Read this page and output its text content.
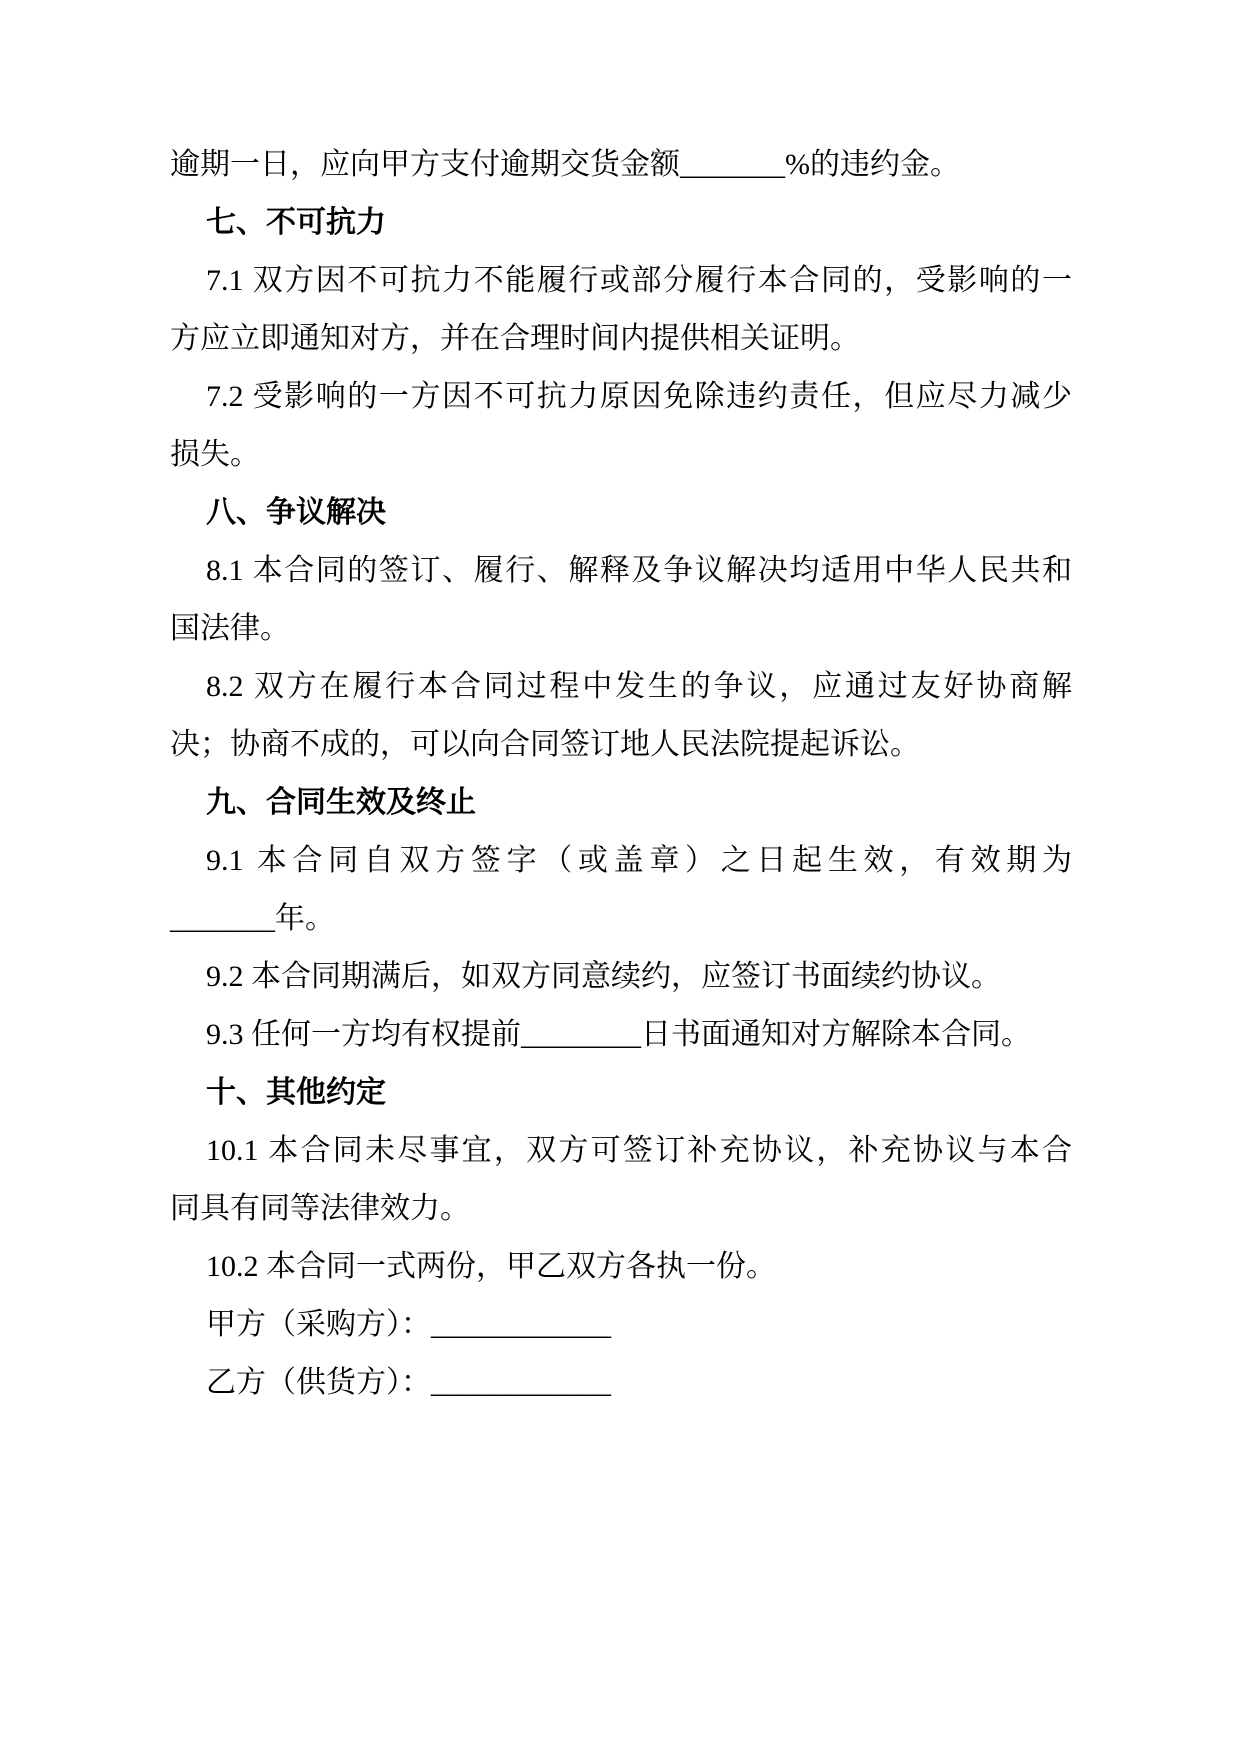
逾期一日，应向甲方支付逾期交货金额_______%的违约金。
七、不可抗力
7.1 双方因不可抗力不能履行或部分履行本合同的，受影响的一
方应立即通知对方，并在合理时间内提供相关证明。
7.2 受影响的一方因不可抗力原因免除违约责任，但应尽力减少
损失。
八、争议解决
8.1 本合同的签订、履行、解释及争议解决均适用中华人民共和
国法律。
8.2 双方在履行本合同过程中发生的争议，应通过友好协商解
决；协商不成的，可以向合同签订地人民法院提起诉讼。
九、合同生效及终止
9.1 本合同自双方签字（或盖章）之日起生效，有效期为
_______年。
9.2 本合同期满后，如双方同意续约，应签订书面续约协议。
9.3 任何一方均有权提前________日书面通知对方解除本合同。
十、其他约定
10.1 本合同未尽事宜，双方可签订补充协议，补充协议与本合
同具有同等法律效力。
10.2 本合同一式两份，甲乙双方各执一份。
甲方（采购方）：____________
乙方（供货方）：____________
